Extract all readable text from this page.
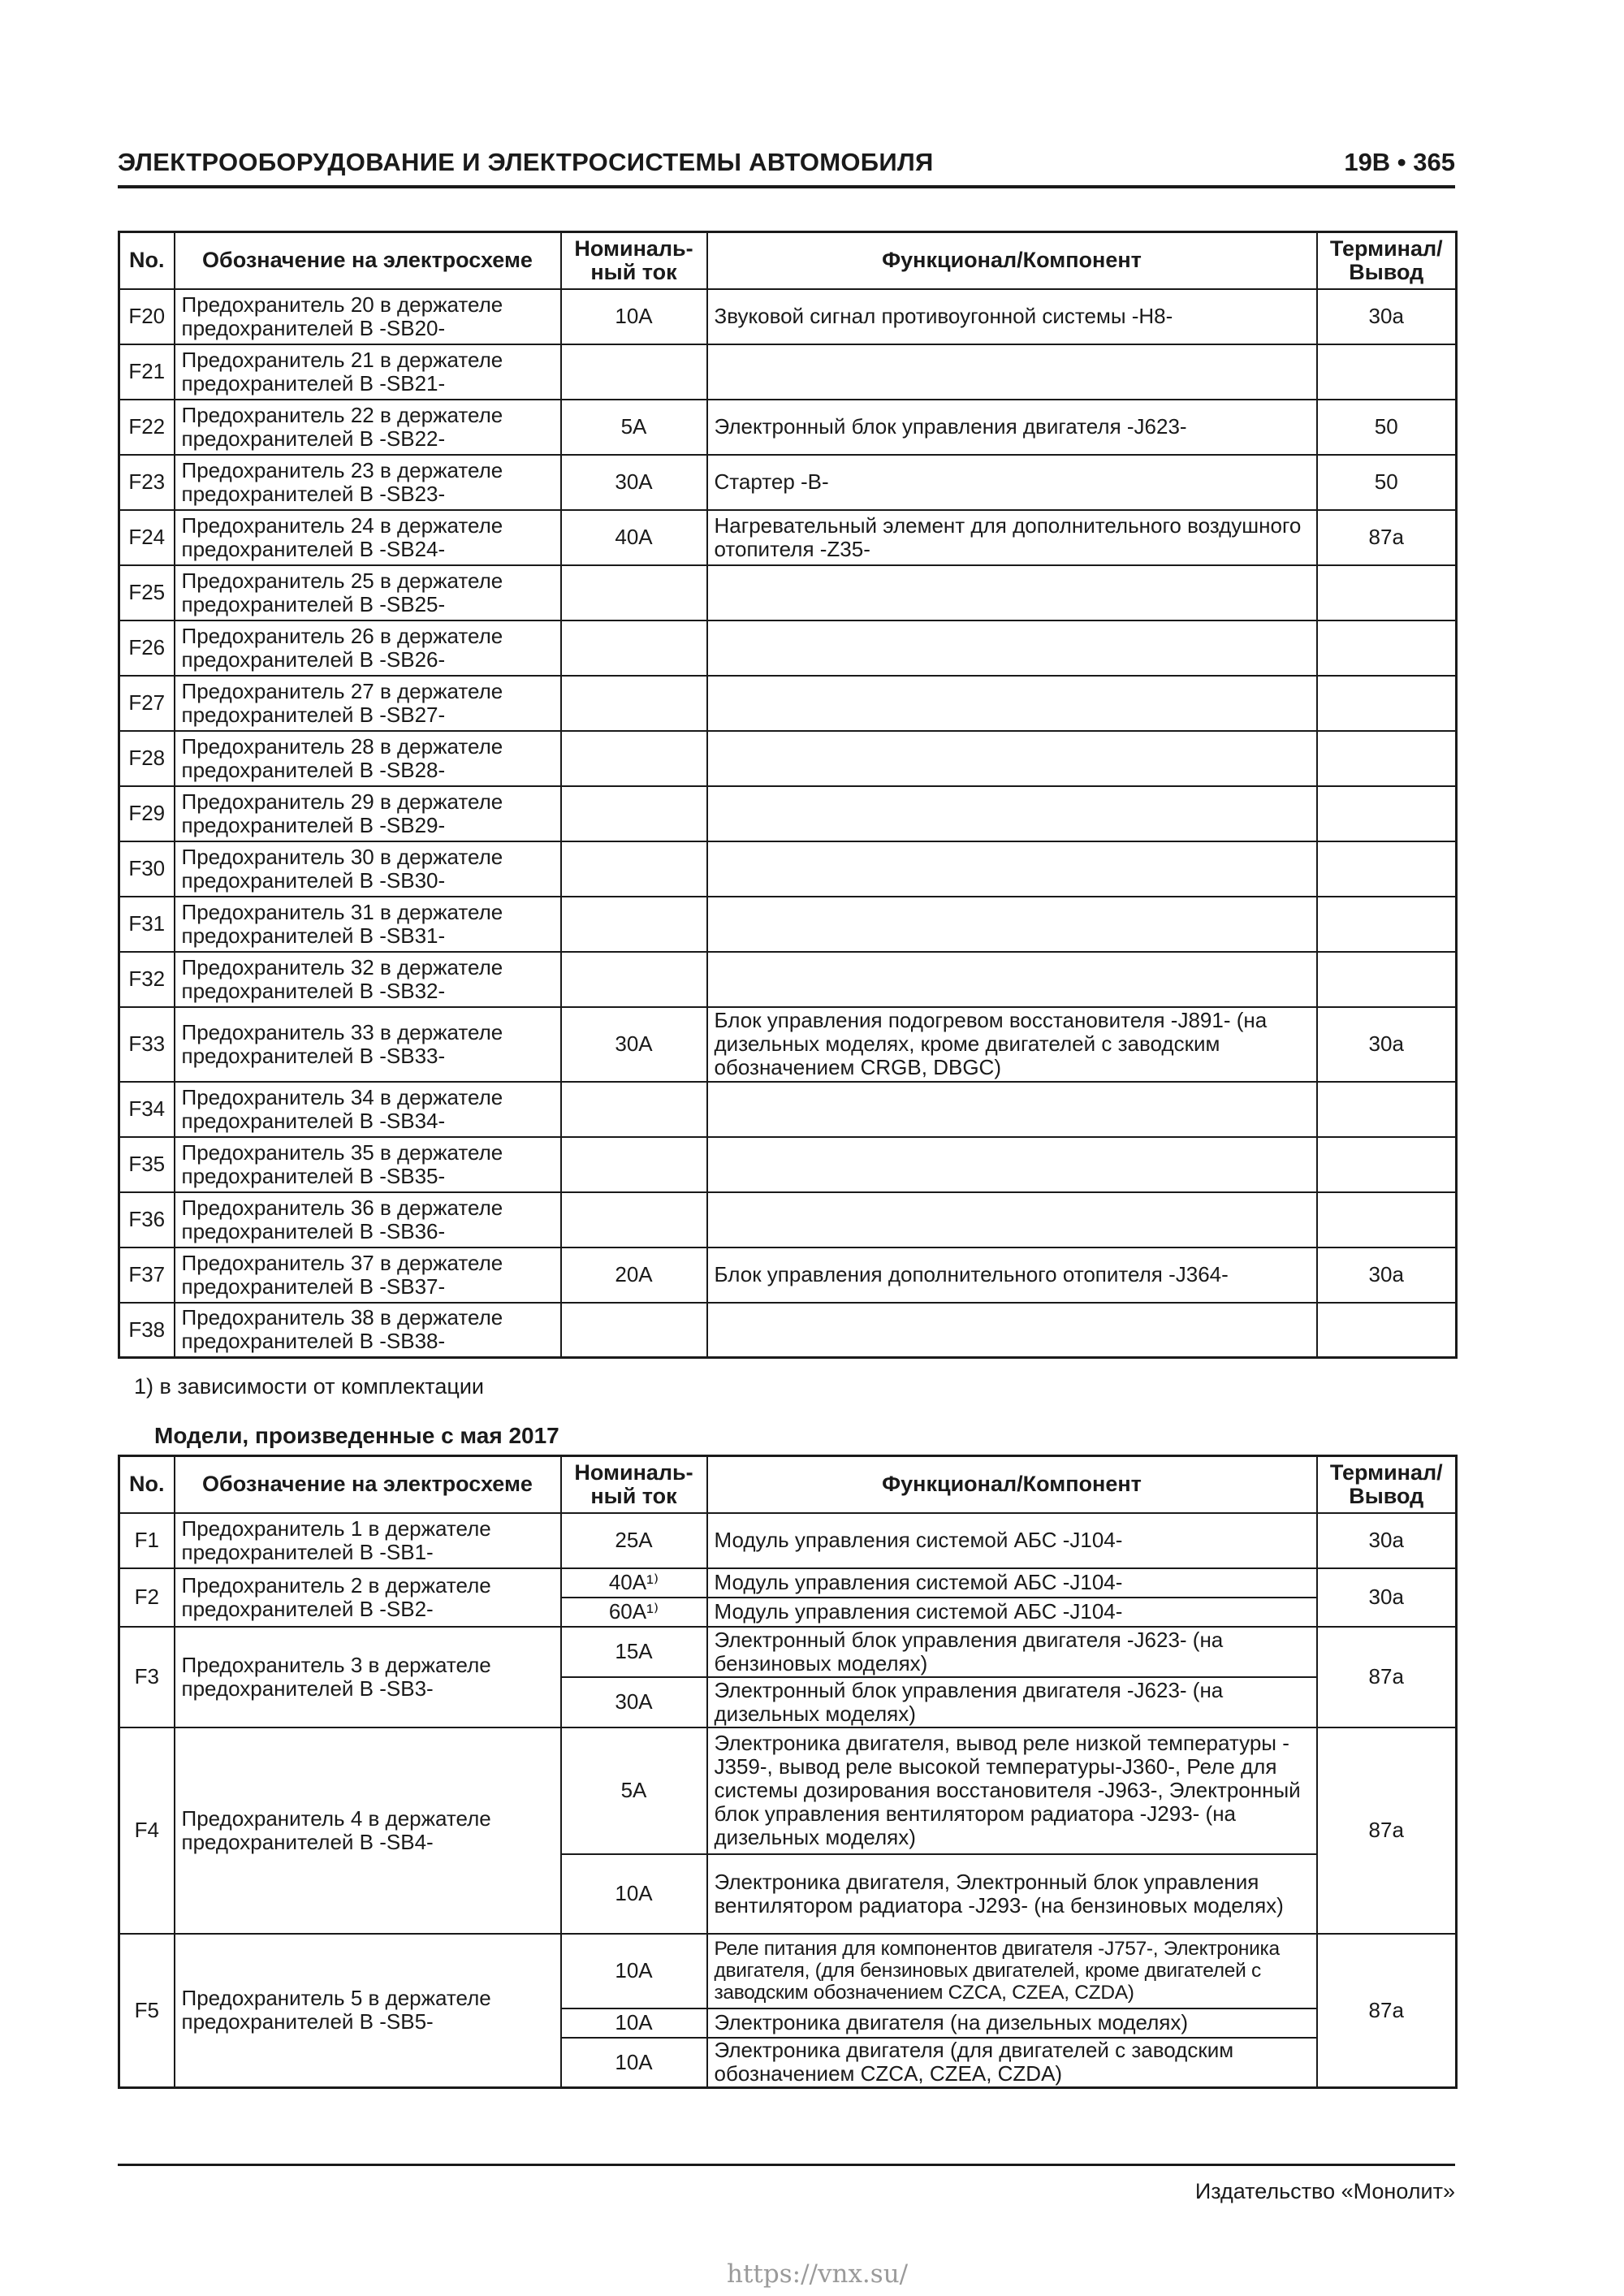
ЭЛЕКТРООБОРУДОВАНИЕ И ЭЛЕКТРОСИСТЕМЫ АВТОМОБИЛЯ	19В • 365
No.	Обозначение на электросхеме	Номиналь-ный ток	Функционал/Компонент	Терминал/Вывод
F20	Предохранитель 20 в держателе предохранителей B -SB20-	10A	Звуковой сигнал противоугонной системы -H8-	30a
F21	Предохранитель 21 в держателе предохранителей B -SB21-			
F22	Предохранитель 22 в держателе предохранителей B -SB22-	5A	Электронный блок управления двигателя -J623-	50
F23	Предохранитель 23 в держателе предохранителей B -SB23-	30A	Стартер -B-	50
F24	Предохранитель 24 в держателе предохранителей B -SB24-	40A	Нагревательный элемент для дополнительного воздушного отопителя -Z35-	87a
F25	Предохранитель 25 в держателе предохранителей B -SB25-			
F26	Предохранитель 26 в держателе предохранителей B -SB26-			
F27	Предохранитель 27 в держателе предохранителей B -SB27-			
F28	Предохранитель 28 в держателе предохранителей B -SB28-			
F29	Предохранитель 29 в держателе предохранителей B -SB29-			
F30	Предохранитель 30 в держателе предохранителей B -SB30-			
F31	Предохранитель 31 в держателе предохранителей B -SB31-			
F32	Предохранитель 32 в держателе предохранителей B -SB32-			
F33	Предохранитель 33 в держателе предохранителей B -SB33-	30A	Блок управления подогревом восстановителя -J891- (на дизельных моделях, кроме двигателей с заводским обозначением CRGB, DBGC)	30a
F34	Предохранитель 34 в держателе предохранителей B -SB34-			
F35	Предохранитель 35 в держателе предохранителей B -SB35-			
F36	Предохранитель 36 в держателе предохранителей B -SB36-			
F37	Предохранитель 37 в держателе предохранителей B -SB37-	20A	Блок управления дополнительного отопителя -J364-	30a
F38	Предохранитель 38 в держателе предохранителей B -SB38-			
1) в зависимости от комплектации
Модели, произведенные с мая 2017
No.	Обозначение на электросхеме	Номиналь-ный ток	Функционал/Компонент	Терминал/Вывод
F1	Предохранитель 1 в держателе предохранителей B -SB1-	25A	Модуль управления системой АБС -J104-	30a
F2	Предохранитель 2 в держателе предохранителей B -SB2-	40A¹⁾	Модуль управления системой АБС -J104-	30a
		60A¹⁾	Модуль управления системой АБС -J104-	
F3	Предохранитель 3 в держателе предохранителей B -SB3-	15A	Электронный блок управления двигателя -J623- (на бензиновых моделях)	87a
		30A	Электронный блок управления двигателя -J623- (на дизельных моделях)	
F4	Предохранитель 4 в держателе предохранителей B -SB4-	5A	Электроника двигателя, вывод реле низкой температуры -J359-, вывод реле высокой температуры-J360-, Реле для системы дозирования восстановителя -J963-, Электронный блок управления вентилятором радиатора -J293- (на дизельных моделях)	87a
		10A	Электроника двигателя, Электронный блок управления вентилятором радиатора -J293- (на бензиновых моделях)	
F5	Предохранитель 5 в держателе предохранителей B -SB5-	10A	Реле питания для компонентов двигателя -J757-, Электроника двигателя, (для бензиновых двигателей, кроме двигателей с заводским обозначением CZCA, CZEA, CZDA)	87a
		10A	Электроника двигателя (на дизельных моделях)	
		10A	Электроника двигателя (для двигателей с заводским обозначением CZCA, CZEA, CZDA)	
Издательство «Монолит»
https://vnx.su/
